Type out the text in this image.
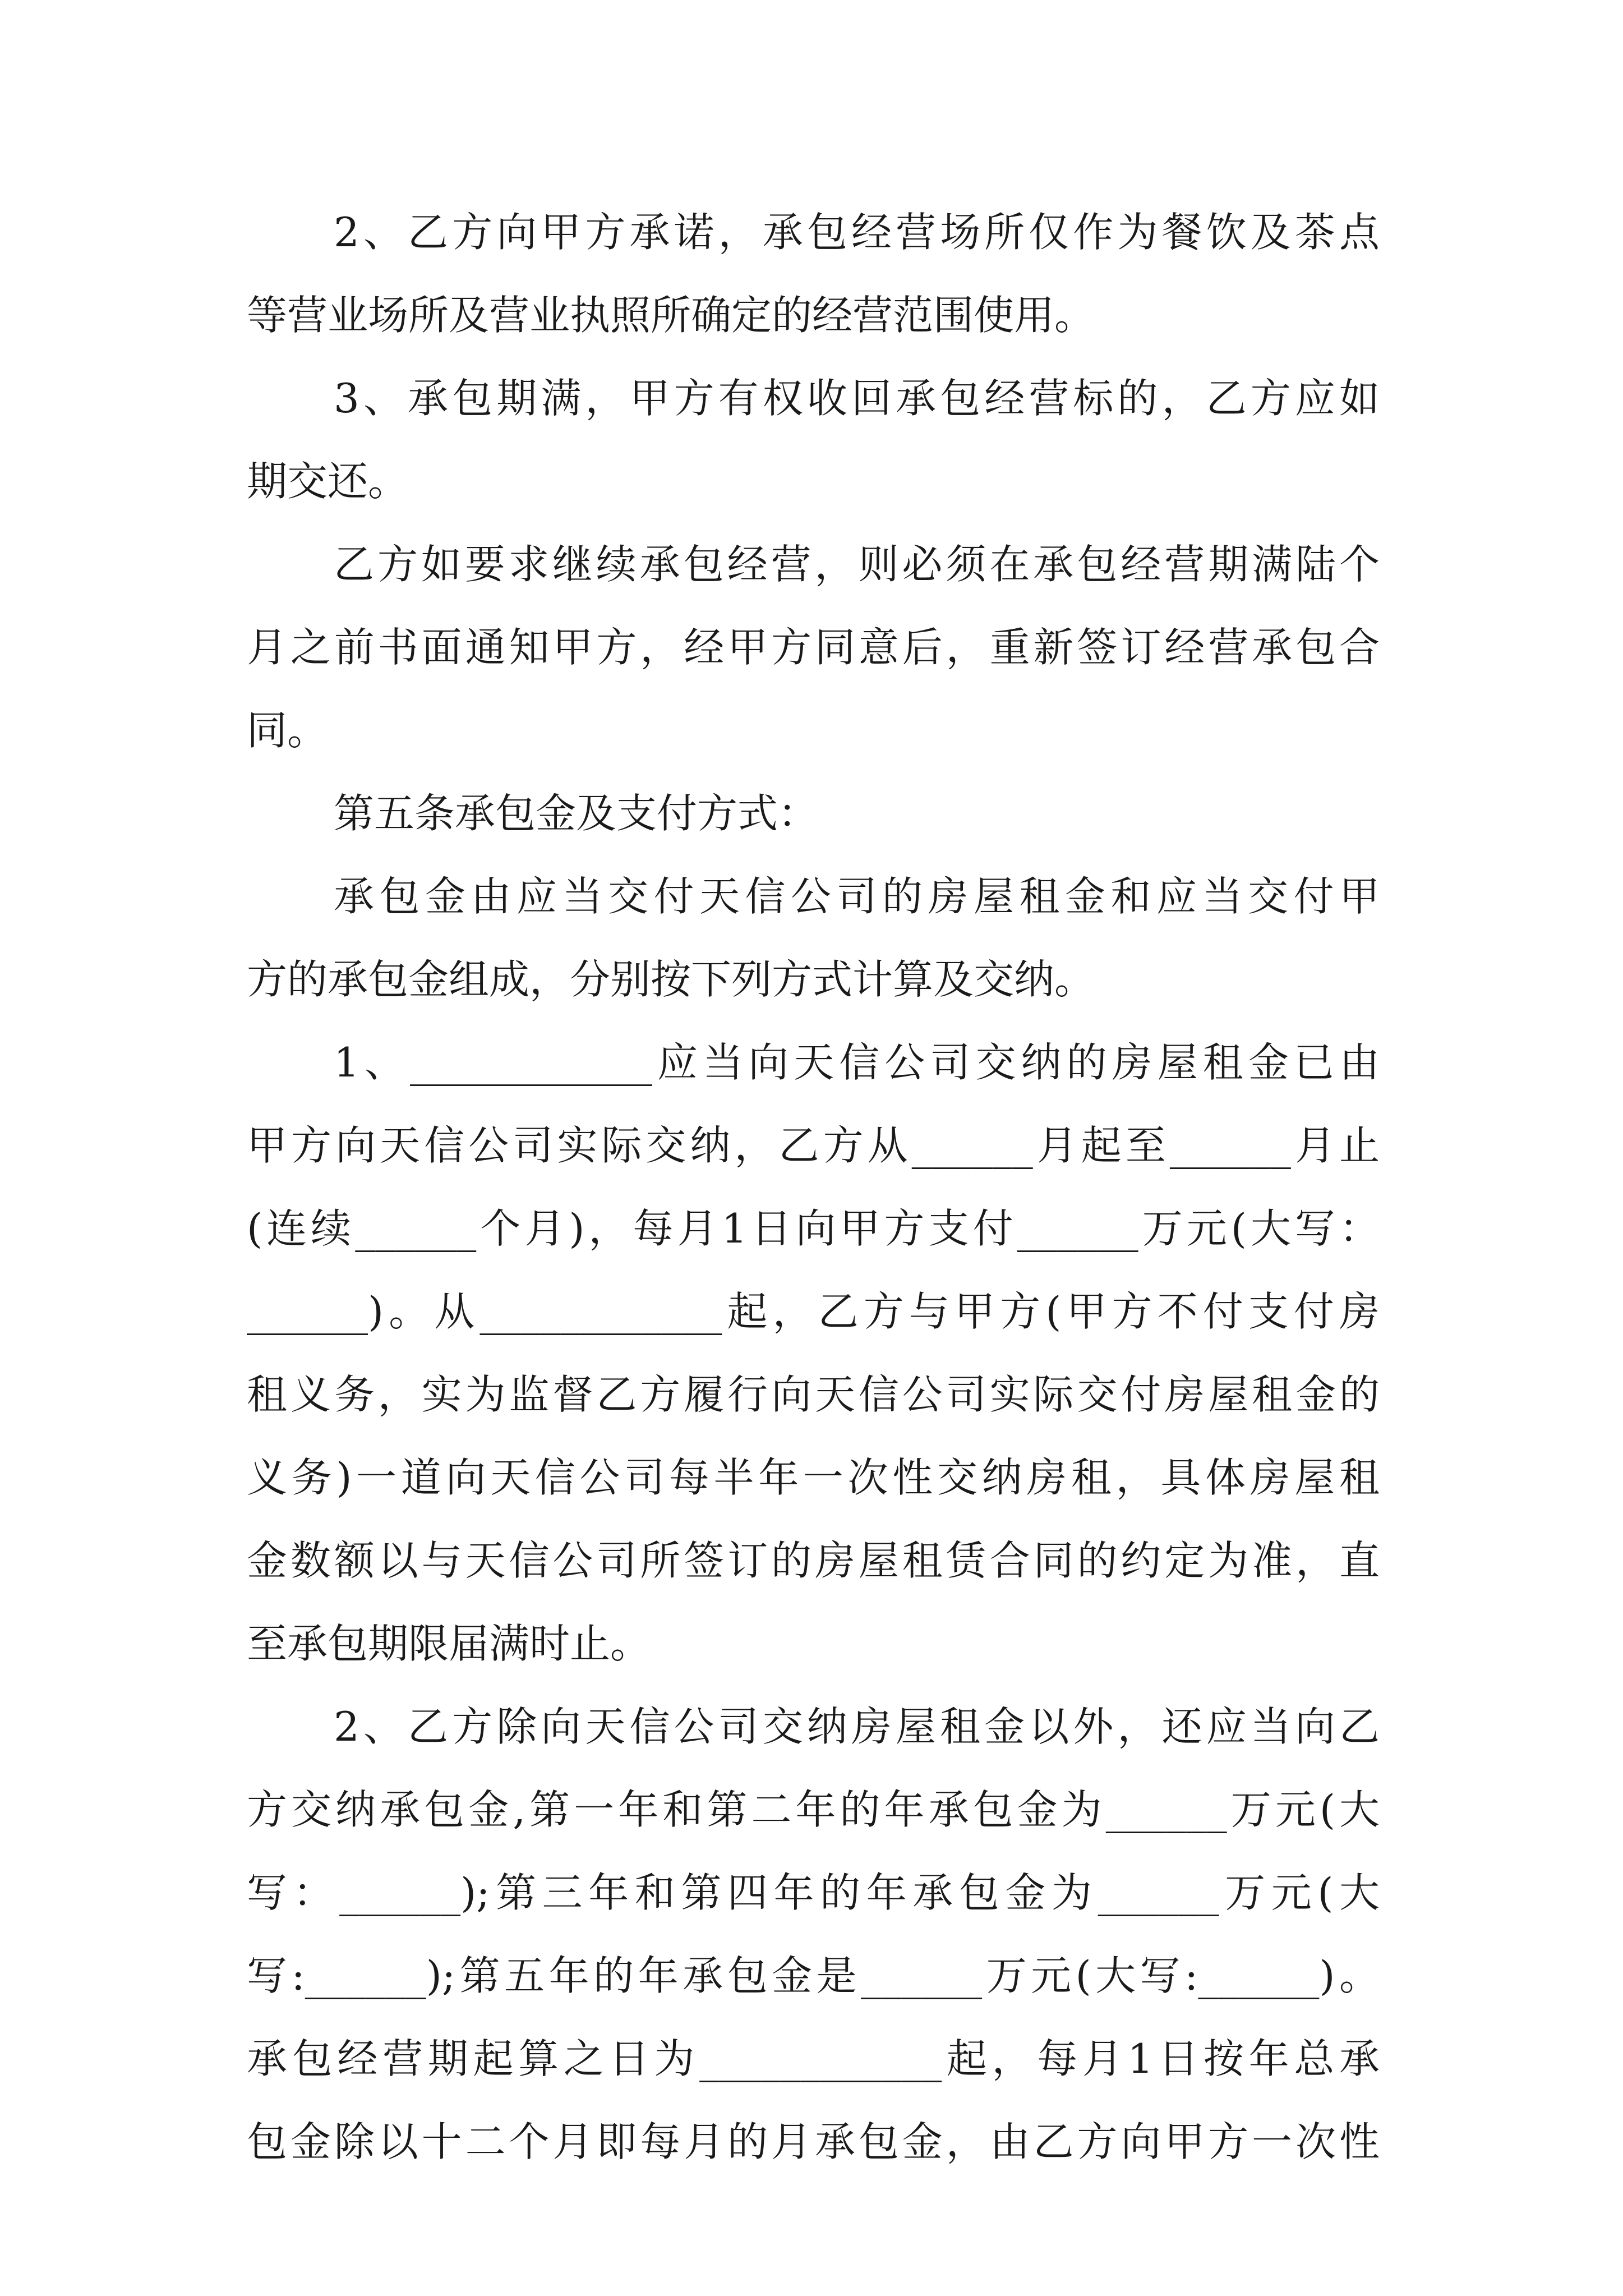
2、乙方向甲方承诺，承包经营场所仅作为餐饮及茶点
等营业场所及营业执照所确定的经营范围使用。
3、承包期满，甲方有权收回承包经营标的，乙方应如
期交还。
乙方如要求继续承包经营，则必须在承包经营期满陆个
月之前书面通知甲方，经甲方同意后，重新签订经营承包合
同。
第五条承包金及支付方式：
承包金由应当交付天信公司的房屋租金和应当交付甲
方的承包金组成，分别按下列方式计算及交纳。
1、____________应当向天信公司交纳的房屋租金已由
甲方向天信公司实际交纳，乙方从______月起至______月止
(连续______个月)，每月1日向甲方支付______万元(大写：
______)。从____________起，乙方与甲方(甲方不付支付房
租义务，实为监督乙方履行向天信公司实际交付房屋租金的
义务)一道向天信公司每半年一次性交纳房租，具体房屋租
金数额以与天信公司所签订的房屋租赁合同的约定为准，直
至承包期限届满时止。
2、乙方除向天信公司交纳房屋租金以外，还应当向乙
方交纳承包金,第一年和第二年的年承包金为______万元(大
写：______);第三年和第四年的年承包金为______万元(大
写:______);第五年的年承包金是______万元(大写:______)。
承包经营期起算之日为____________起，每月1日按年总承
包金除以十二个月即每月的月承包金，由乙方向甲方一次性
